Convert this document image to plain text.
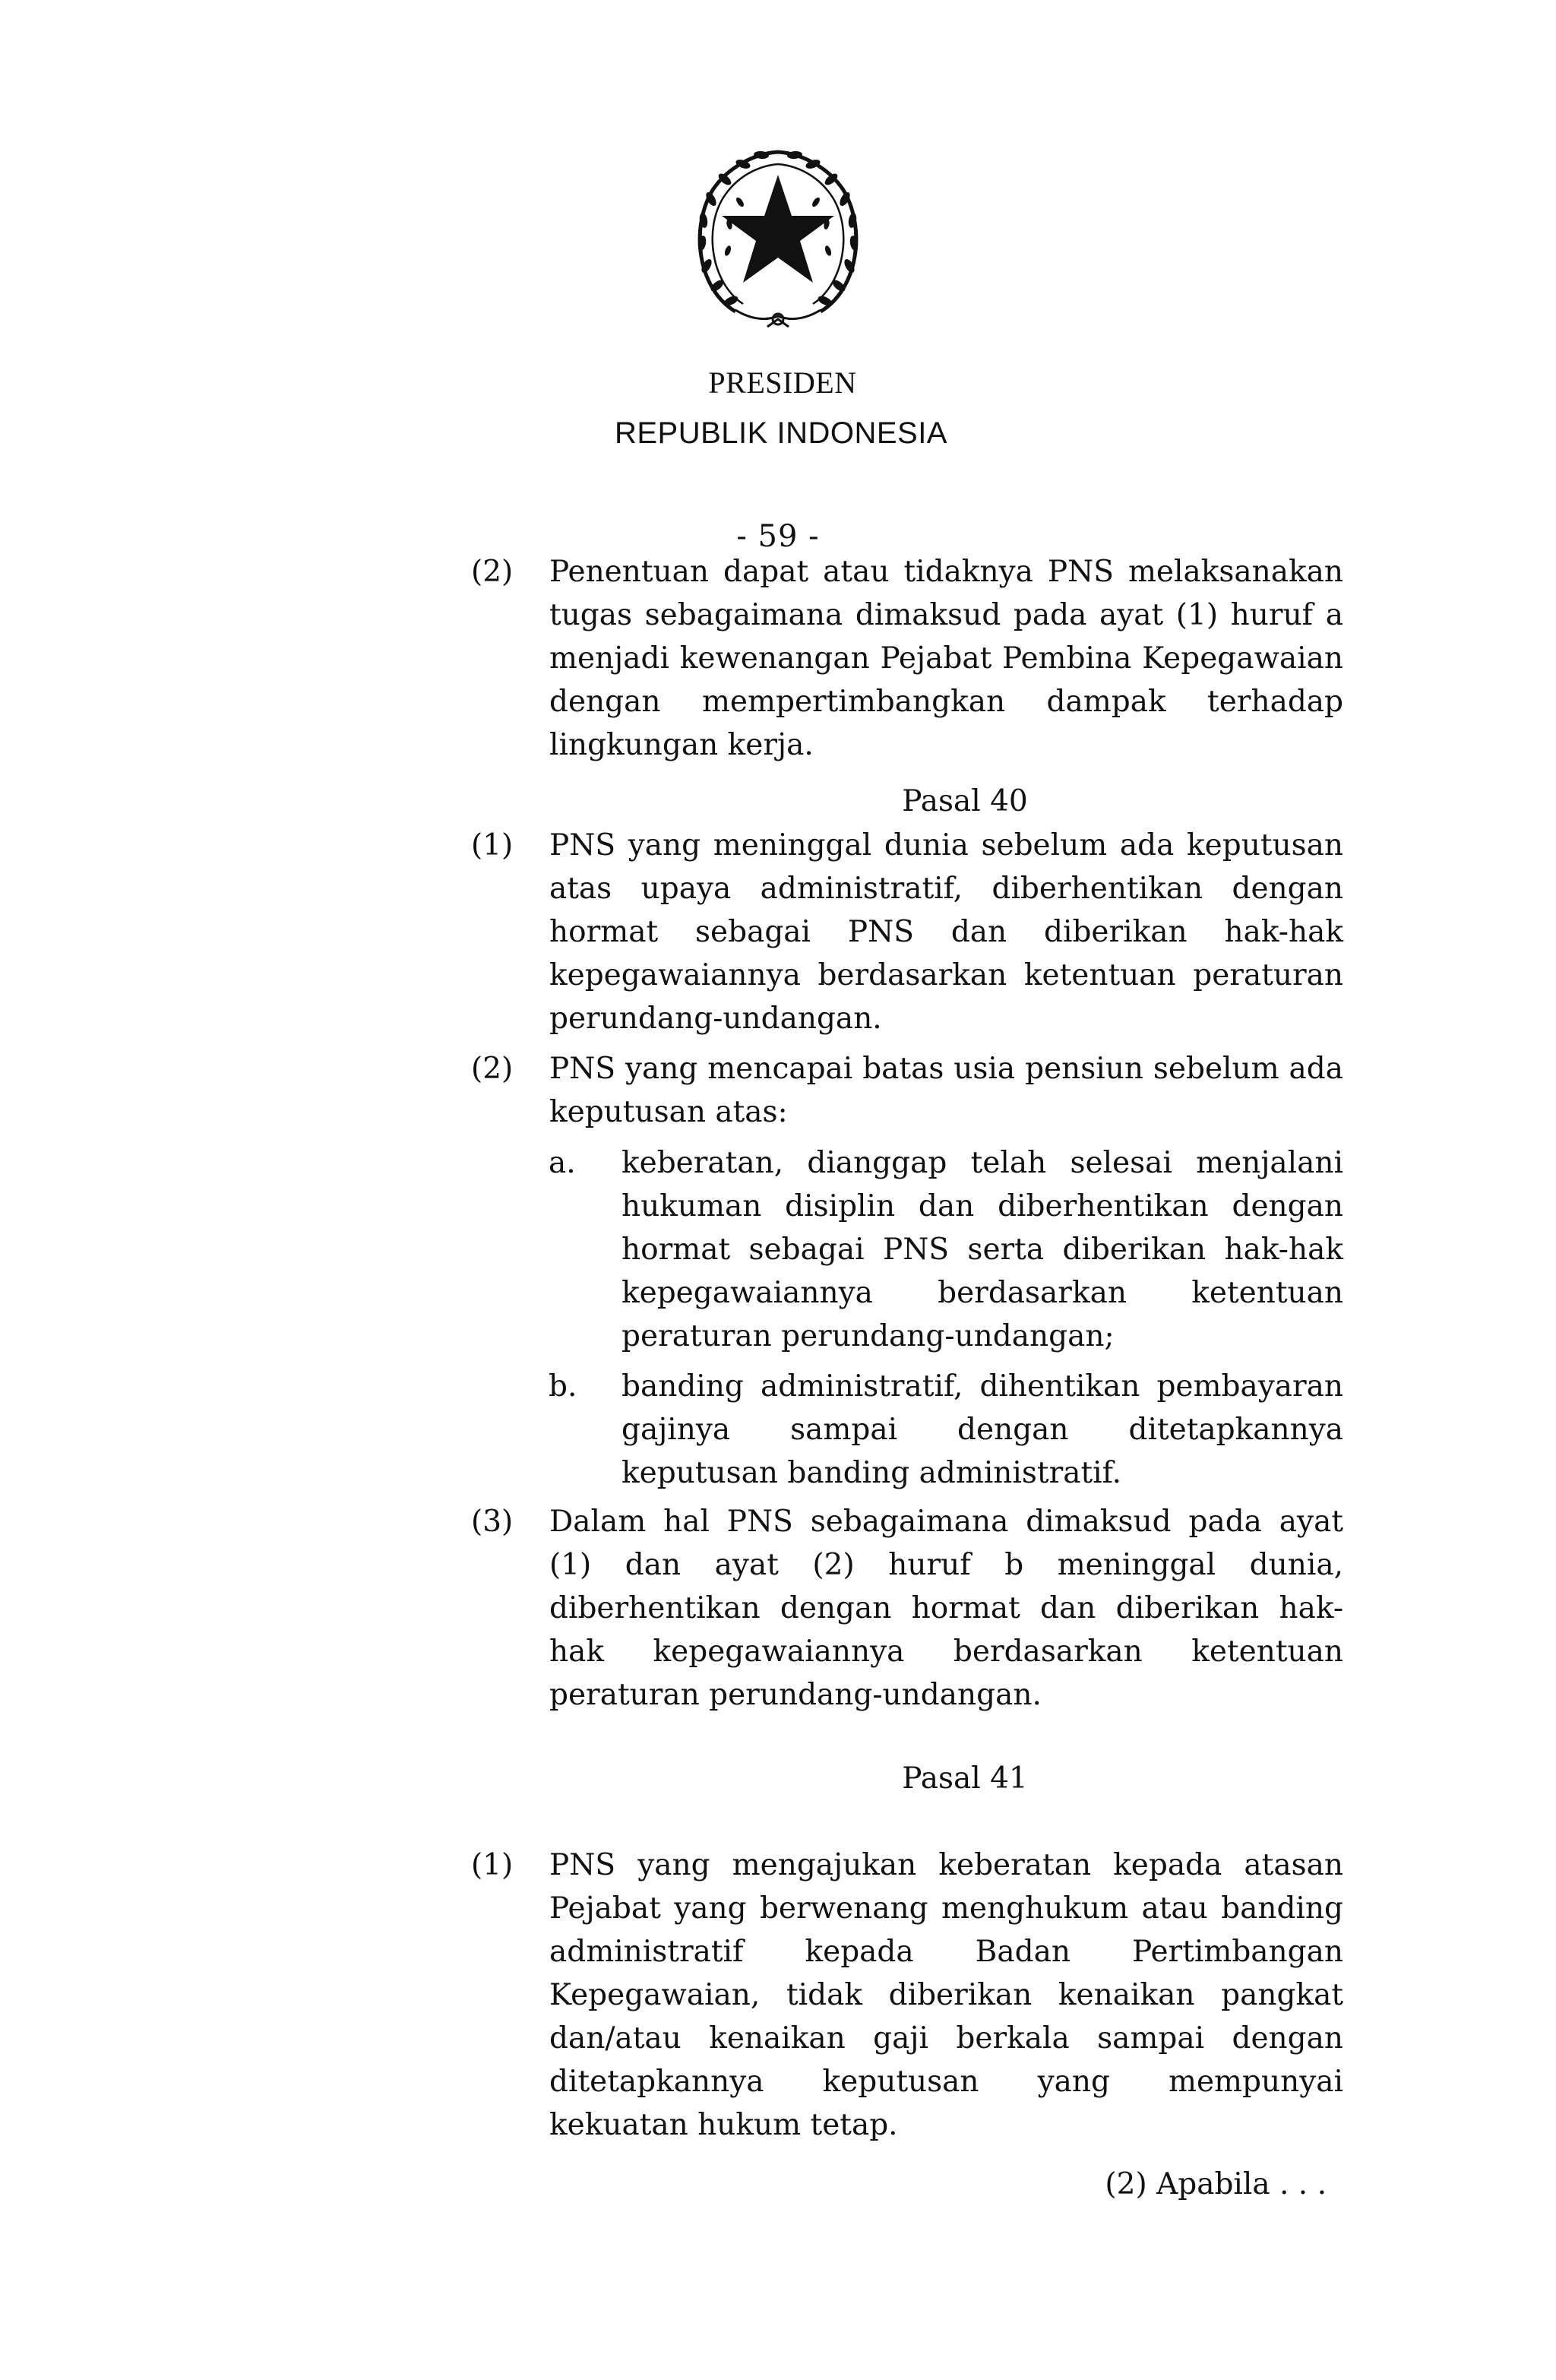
PRESIDEN
REPUBLIK INDONESIA
- 59 -
(2)	Penentuan dapat atau tidaknya PNS melaksanakan tugas sebagaimana dimaksud pada ayat (1) huruf a menjadi kewenangan Pejabat Pembina Kepegawaian dengan mempertimbangkan dampak terhadap lingkungan kerja.
Pasal 40
(1)	PNS yang meninggal dunia sebelum ada keputusan atas upaya administratif, diberhentikan dengan hormat sebagai PNS dan diberikan hak-hak kepegawaiannya berdasarkan ketentuan peraturan perundang-undangan.
(2)	PNS yang mencapai batas usia pensiun sebelum ada keputusan atas:
a.	keberatan, dianggap telah selesai menjalani hukuman disiplin dan diberhentikan dengan hormat sebagai PNS serta diberikan hak-hak kepegawaiannya berdasarkan ketentuan peraturan perundang-undangan;
b.	banding administratif, dihentikan pembayaran gajinya sampai dengan ditetapkannya keputusan banding administratif.
(3)	Dalam hal PNS sebagaimana dimaksud pada ayat (1) dan ayat (2) huruf b meninggal dunia, diberhentikan dengan hormat dan diberikan hak-hak kepegawaiannya berdasarkan ketentuan peraturan perundang-undangan.
Pasal 41
(1)	PNS yang mengajukan keberatan kepada atasan Pejabat yang berwenang menghukum atau banding administratif kepada Badan Pertimbangan Kepegawaian, tidak diberikan kenaikan pangkat dan/atau kenaikan gaji berkala sampai dengan ditetapkannya keputusan yang mempunyai kekuatan hukum tetap.
(2) Apabila . . .
